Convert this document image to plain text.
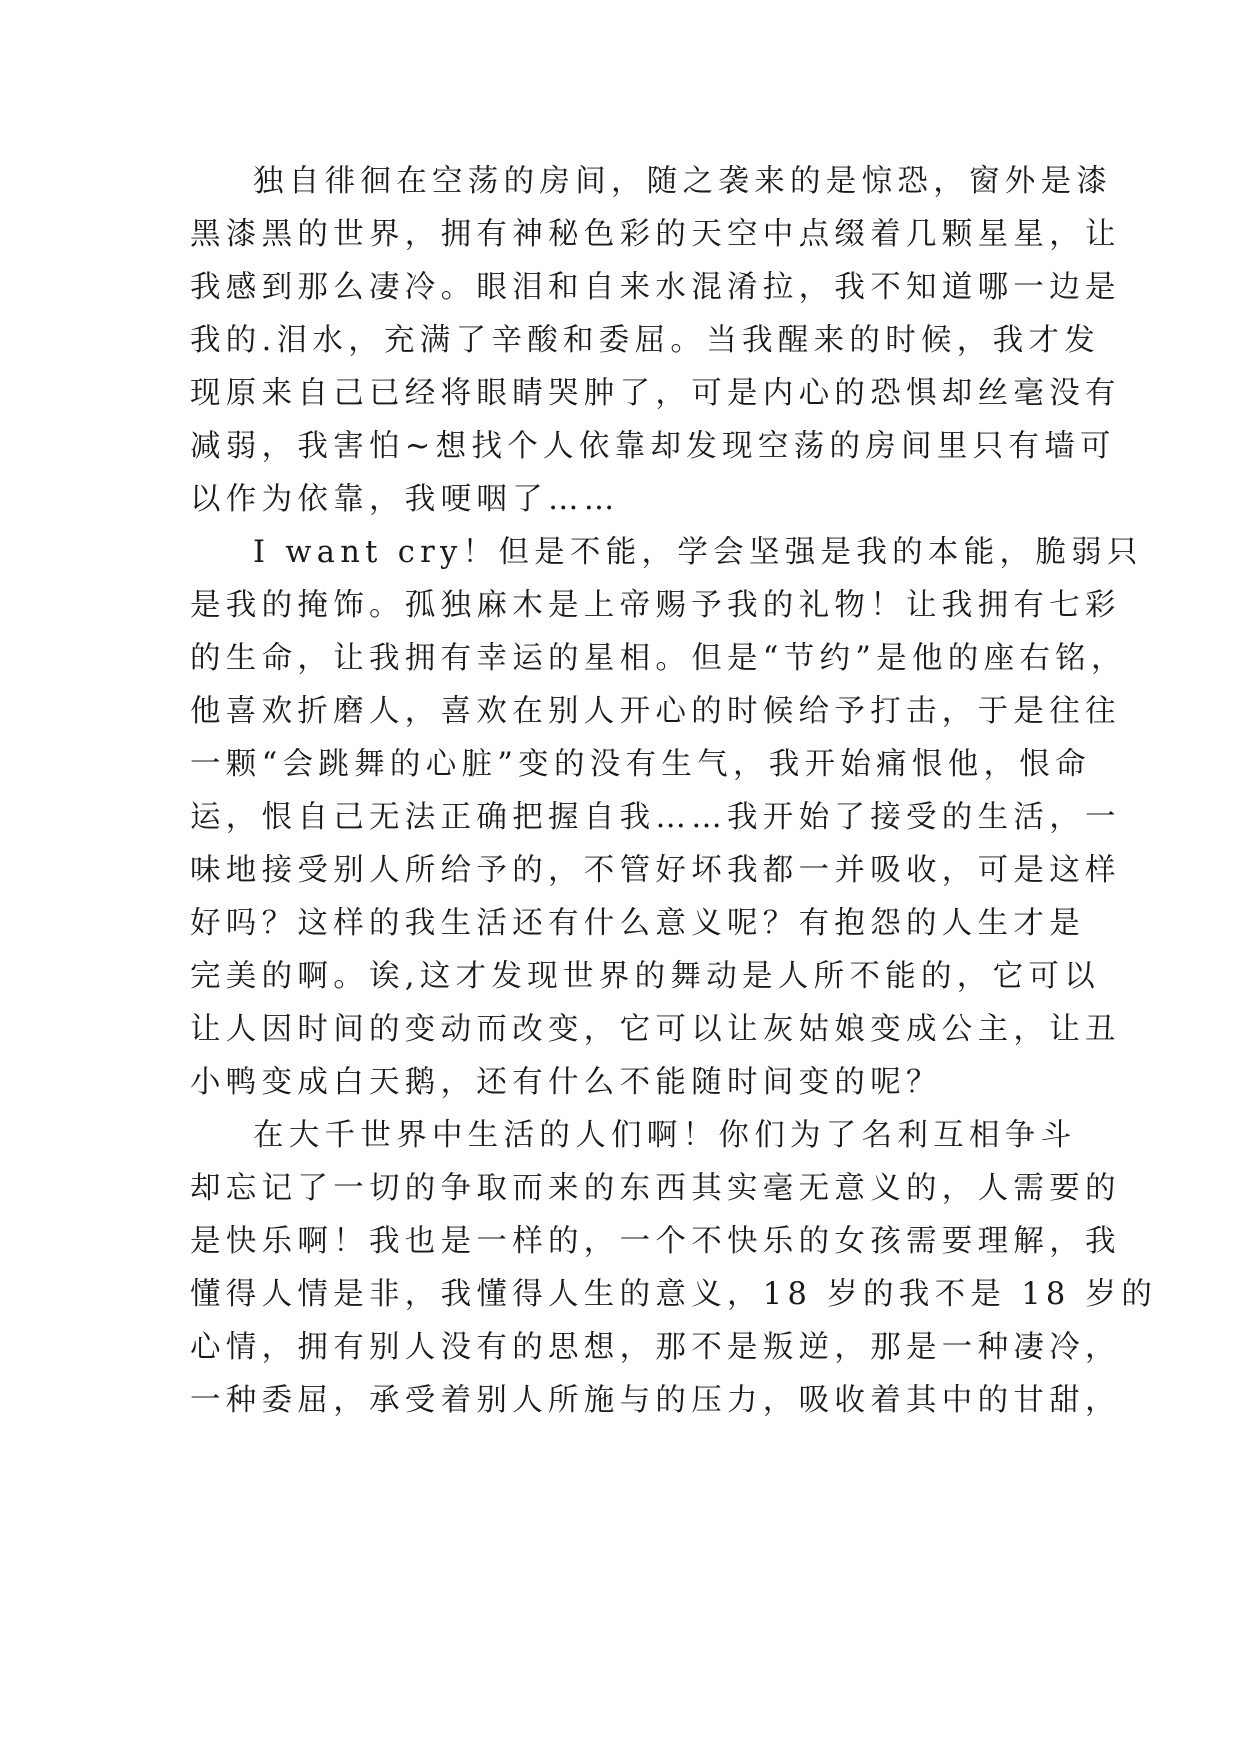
独自徘徊在空荡的房间，随之袭来的是惊恐，窗外是漆
黑漆黑的世界，拥有神秘色彩的天空中点缀着几颗星星，让
我感到那么凄冷。眼泪和自来水混淆拉，我不知道哪一边是
我的.泪水，充满了辛酸和委屈。当我醒来的时候，我才发
现原来自己已经将眼睛哭肿了，可是内心的恐惧却丝毫没有
减弱，我害怕~想找个人依靠却发现空荡的房间里只有墙可
以作为依靠，我哽咽了……
I want cry！但是不能，学会坚强是我的本能，脆弱只
是我的掩饰。孤独麻木是上帝赐予我的礼物！让我拥有七彩
的生命，让我拥有幸运的星相。但是“节约”是他的座右铭，
他喜欢折磨人，喜欢在别人开心的时候给予打击，于是往往
一颗“会跳舞的心脏”变的没有生气，我开始痛恨他，恨命
运，恨自己无法正确把握自我……我开始了接受的生活，一
味地接受别人所给予的，不管好坏我都一并吸收，可是这样
好吗？这样的我生活还有什么意义呢？有抱怨的人生才是
完美的啊。诶,这才发现世界的舞动是人所不能的，它可以
让人因时间的变动而改变，它可以让灰姑娘变成公主，让丑
小鸭变成白天鹅，还有什么不能随时间变的呢？
在大千世界中生活的人们啊！你们为了名利互相争斗
却忘记了一切的争取而来的东西其实毫无意义的，人需要的
是快乐啊！我也是一样的，一个不快乐的女孩需要理解，我
懂得人情是非，我懂得人生的意义，18 岁的我不是 18 岁的
心情，拥有别人没有的思想，那不是叛逆，那是一种凄冷，
一种委屈，承受着别人所施与的压力，吸收着其中的甘甜，
